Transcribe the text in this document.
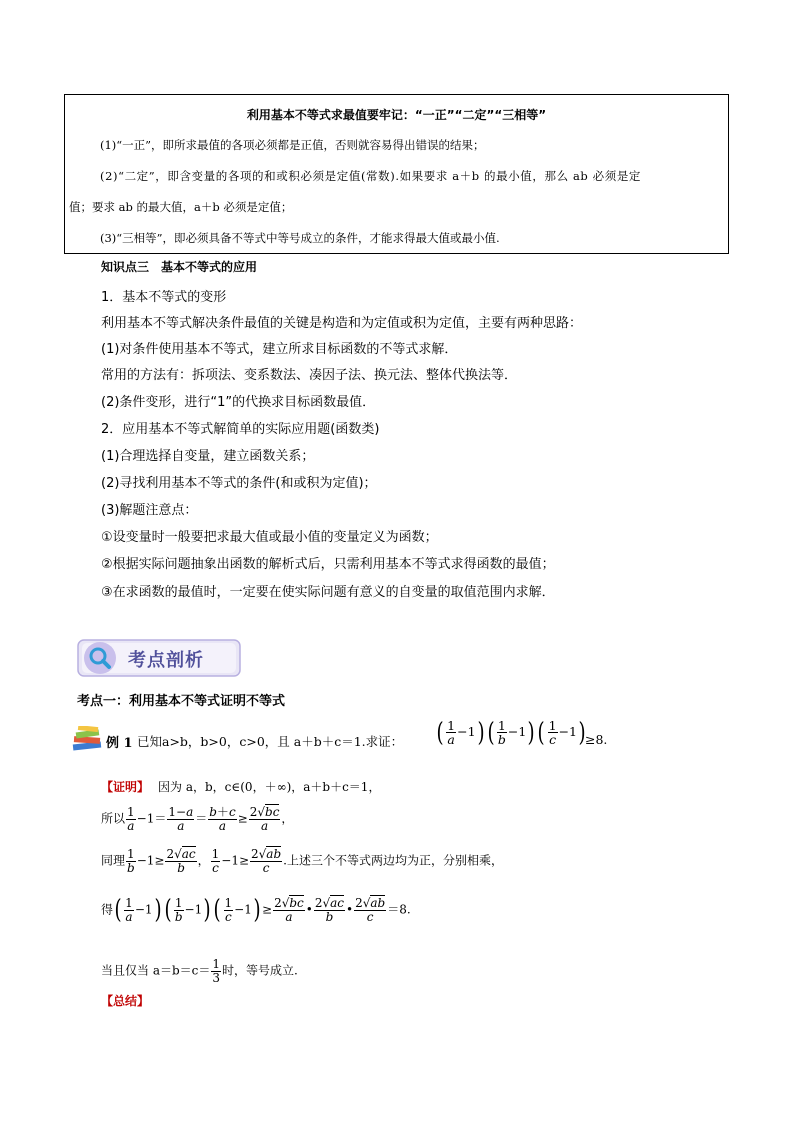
利用基本不等式求最值要牢记：“一正”“二定”“三相等”
(1)“一正”，即所求最值的各项必须都是正值，否则就容易得出错误的结果；
(2)“二定”，即含变量的各项的和或积必须是定值(常数).如果要求 a＋b 的最小值，那么 ab 必须是定
值；要求 ab 的最大值，a＋b 必须是定值；
(3)“三相等”，即必须具备不等式中等号成立的条件，才能求得最大值或最小值.
知识点三　基本不等式的应用
1．基本不等式的变形
利用基本不等式解决条件最值的关键是构造和为定值或积为定值，主要有两种思路：
(1)对条件使用基本不等式，建立所求目标函数的不等式求解．
常用的方法有：拆项法、变系数法、凑因子法、换元法、整体代换法等．
(2)条件变形，进行“1”的代换求目标函数最值．
2．应用基本不等式解简单的实际应用题(函数类)
(1)合理选择自变量，建立函数关系；
(2)寻找利用基本不等式的条件(和或积为定值)；
(3)解题注意点：
①设变量时一般要把求最大值或最小值的变量定义为函数；
②根据实际问题抽象出函数的解析式后，只需利用基本不等式求得函数的最值；
③在求函数的最值时，一定要在使实际问题有意义的自变量的取值范围内求解．
考点剖析
考点一：利用基本不等式证明不等式
例 1 已知a>b，b>0，c>0，且 a＋b＋c＝1.求证： ( $\frac{1}{a} -1$) ( $\frac{1}{b} -1$) ( $\frac{1}{c} -1) \ge 8$.
【证明】 因为 a，b，c∈(0，＋∞)，a＋b＋c＝1，
所以 $\frac{1}{a} -1= \frac{1-a}{a} = \frac{b+c}{a} \ge \frac{2√bc}{a}$ ，
同理 $\frac{1}{b} -1\ge \frac{2√ac}{b}$ ， $\frac{1}{c} -1\ge \frac{2√ab}{c}$ .上述三个不等式两边均为正，分别相乘，
得( $\frac{1}{a} -1$) ( $\frac{1}{b} -1$) ( $\frac{1}{c} -1) \ge \frac{2√bc}{a}$ • $\frac{2√ac}{b}$ • $\frac{2√ab}{c} =8$.
当且仅当 $a=b=c= \frac{1}{3}$ 时，等号成立.
【总结】
